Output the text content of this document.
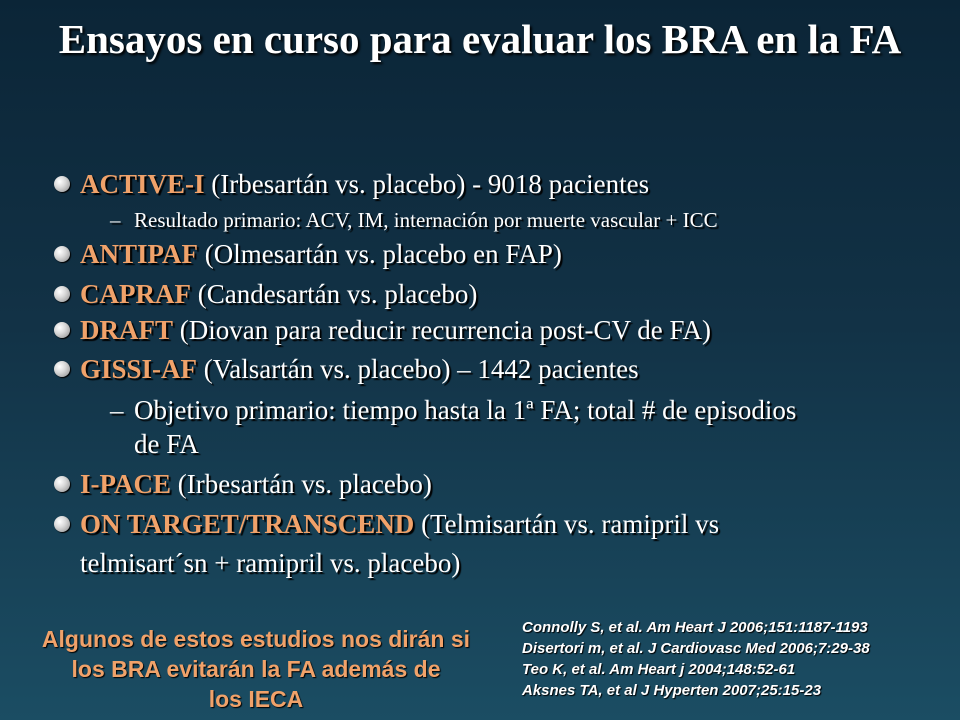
Ensayos en curso para evaluar los BRA en la FA
ACTIVE-I (Irbesartán vs. placebo) - 9018 pacientes
– Resultado primario: ACV, IM, internación por muerte vascular + ICC
ANTIPAF (Olmesartán vs. placebo en FAP)
CAPRAF (Candesartán vs. placebo)
DRAFT (Diovan para reducir recurrencia post-CV de FA)
GISSI-AF (Valsartán vs. placebo) – 1442 pacientes
– Objetivo primario: tiempo hasta la 1ª FA; total # de episodios
de FA
I-PACE (Irbesartán vs. placebo)
ON TARGET/TRANSCEND (Telmisartán vs. ramipril vs
telmisart´sn + ramipril vs. placebo)
Algunos de estos estudios nos dirán si
los BRA evitarán la FA además de
los IECA
Connolly S, et al. Am Heart J 2006;151:1187-1193
Disertori m, et al. J Cardiovasc Med 2006;7:29-38
Teo K, et al. Am Heart j 2004;148:52-61
Aksnes TA, et al J Hyperten 2007;25:15-23
